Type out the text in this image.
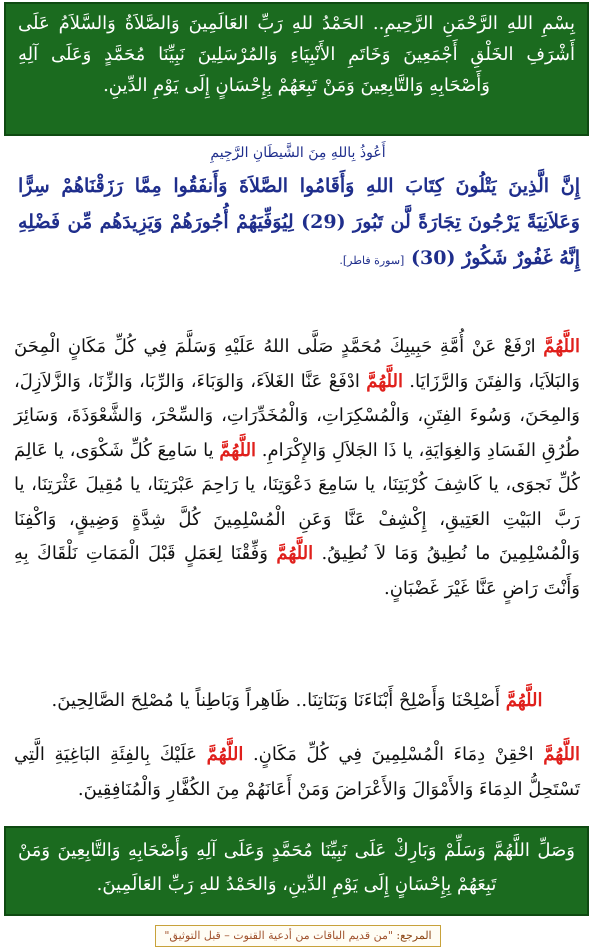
بِسْمِ اللهِ الرَّحْمَنِ الرَّحِيمِ.. الحَمْدُ للهِ رَبِّ العَالَمِينَ وَالصَّلاَةُ وَالسَّلاَمُ عَلَى أَشْرَفِ الخَلْقِ أَجْمَعِينَ وَخَاتَمِ الأَنْبِيَاءِ وَالمُرْسَلِينَ نَبِيِّنَا مُحَمَّدٍ وَعَلَى آلِهِ وَأَصْحَابِهِ وَالتَّابِعِينَ وَمَنْ تَبِعَهُمْ بِإِحْسَانٍ إِلَى يَوْمِ الدِّينِ.
أَعُوذُ بِاللهِ مِنَ الشَّيطَانِ الرَّجِيمِ
إِنَّ الَّذِينَ يَتْلُونَ كِتَابَ اللهِ وَأَقَامُوا الصَّلاَةَ وَأَنفَقُوا مِمَّا رَزَقْنَاهُمْ سِرًّا وَعَلاَنِيَةً يَرْجُونَ تِجَارَةً لَّن تَبُورَ (29) لِيُوَفِّيَهُمْ أُجُورَهُمْ وَيَزِيدَهُم مِّن فَضْلِهِ إِنَّهُ غَفُورٌ شَكُورٌ (30) [سورة فاطر].
اللَّهُمَّ ارْفَعْ عَنْ أُمَّةِ حَبِيبِكَ مُحَمَّدٍ صَلَّى اللهُ عَلَيْهِ وَسَلَّمَ فِي كُلِّ مَكَانٍ الْمِحَنَ وَالبَلاَيَا، وَالفِتَنَ وَالرَّزَايَا. اللَّهُمَّ ادْفَعْ عَنَّا الغَلاَءَ، وَالوَبَاءَ، وَالرِّبَا، وَالزِّنَا، وَالزَّلاَزِلَ، وَالمِحَنَ، وَسُوءَ الفِتَنِ، وَالْمُسْكِرَاتِ، وَالْمُخَدِّرَاتِ، وَالسِّحْرَ، وَالشَّعْوَذَةَ، وَسَائِرَ طُرُقِ الفَسَادِ وَالغِوَايَةِ، يا ذَا الجَلاَلِ وَالإِكْرَامِ. اللَّهُمَّ يا سَامِعَ كُلِّ شَكْوَى، يا عَالِمَ كُلِّ نَجوَى، يا كَاشِفَ كُرْبَتِنَا، يا سَامِعَ دَعْوَتِنَا، يا رَاحِمَ عَبْرَتِنَا، يا مُقِيلَ عَثْرَتِنَا، يا رَبَّ البَيْتِ العَتِيقِ، إِكْشِفْ عَنَّا وَعَنِ الْمُسْلِمِينَ كُلَّ شِدَّةٍ وَضِيقٍ، وَاكْفِنَا وَالْمُسْلِمِينَ ما نُطِيقُ وَمَا لاَ نُطِيقُ. اللَّهُمَّ وَفِّقْنَا لِعَمَلٍ قَبْلَ الْمَمَاتِ نَلْقَاكَ بِهِ وَأَنْتَ رَاضٍ عَنَّا غَيْرَ غَضْبَانٍ.
اللَّهُمَّ أَصْلِحْنَا وَأَصْلِحْ أَبْنَاءَنَا وَبَنَاتِنَا.. ظَاهِراً وَبَاطِناً يا مُصْلِحَ الصَّالِحِينَ.
اللَّهُمَّ احْقِنْ دِمَاءَ الْمُسْلِمِينَ فِي كُلِّ مَكَانٍ. اللَّهُمَّ عَلَيْكَ بِالفِئَةِ البَاغِيَةِ الَّتِي تَسْتَحِلُّ الدِمَاءَ وَالأَمْوَالَ وَالأَعْرَاضَ وَمَنْ أَعَانَهُمْ مِنَ الكُفَّارِ وَالْمُنَافِقِينَ.
وَصَلِّ اللَّهُمَّ وَسَلِّمْ وَبَارِكْ عَلَى نَبِيِّنَا مُحَمَّدٍ وَعَلَى آلِهِ وَأَصْحَابِهِ وَالتَّابِعِينَ وَمَنْ تَبِعَهُمْ بِإِحْسَانٍ إِلَى يَوْمِ الدِّينِ، وَالحَمْدُ للهِ رَبِّ العَالَمِينَ.
المرجع: "من قديم الباقات من أدعية القنوت – قبل التوثيق"
